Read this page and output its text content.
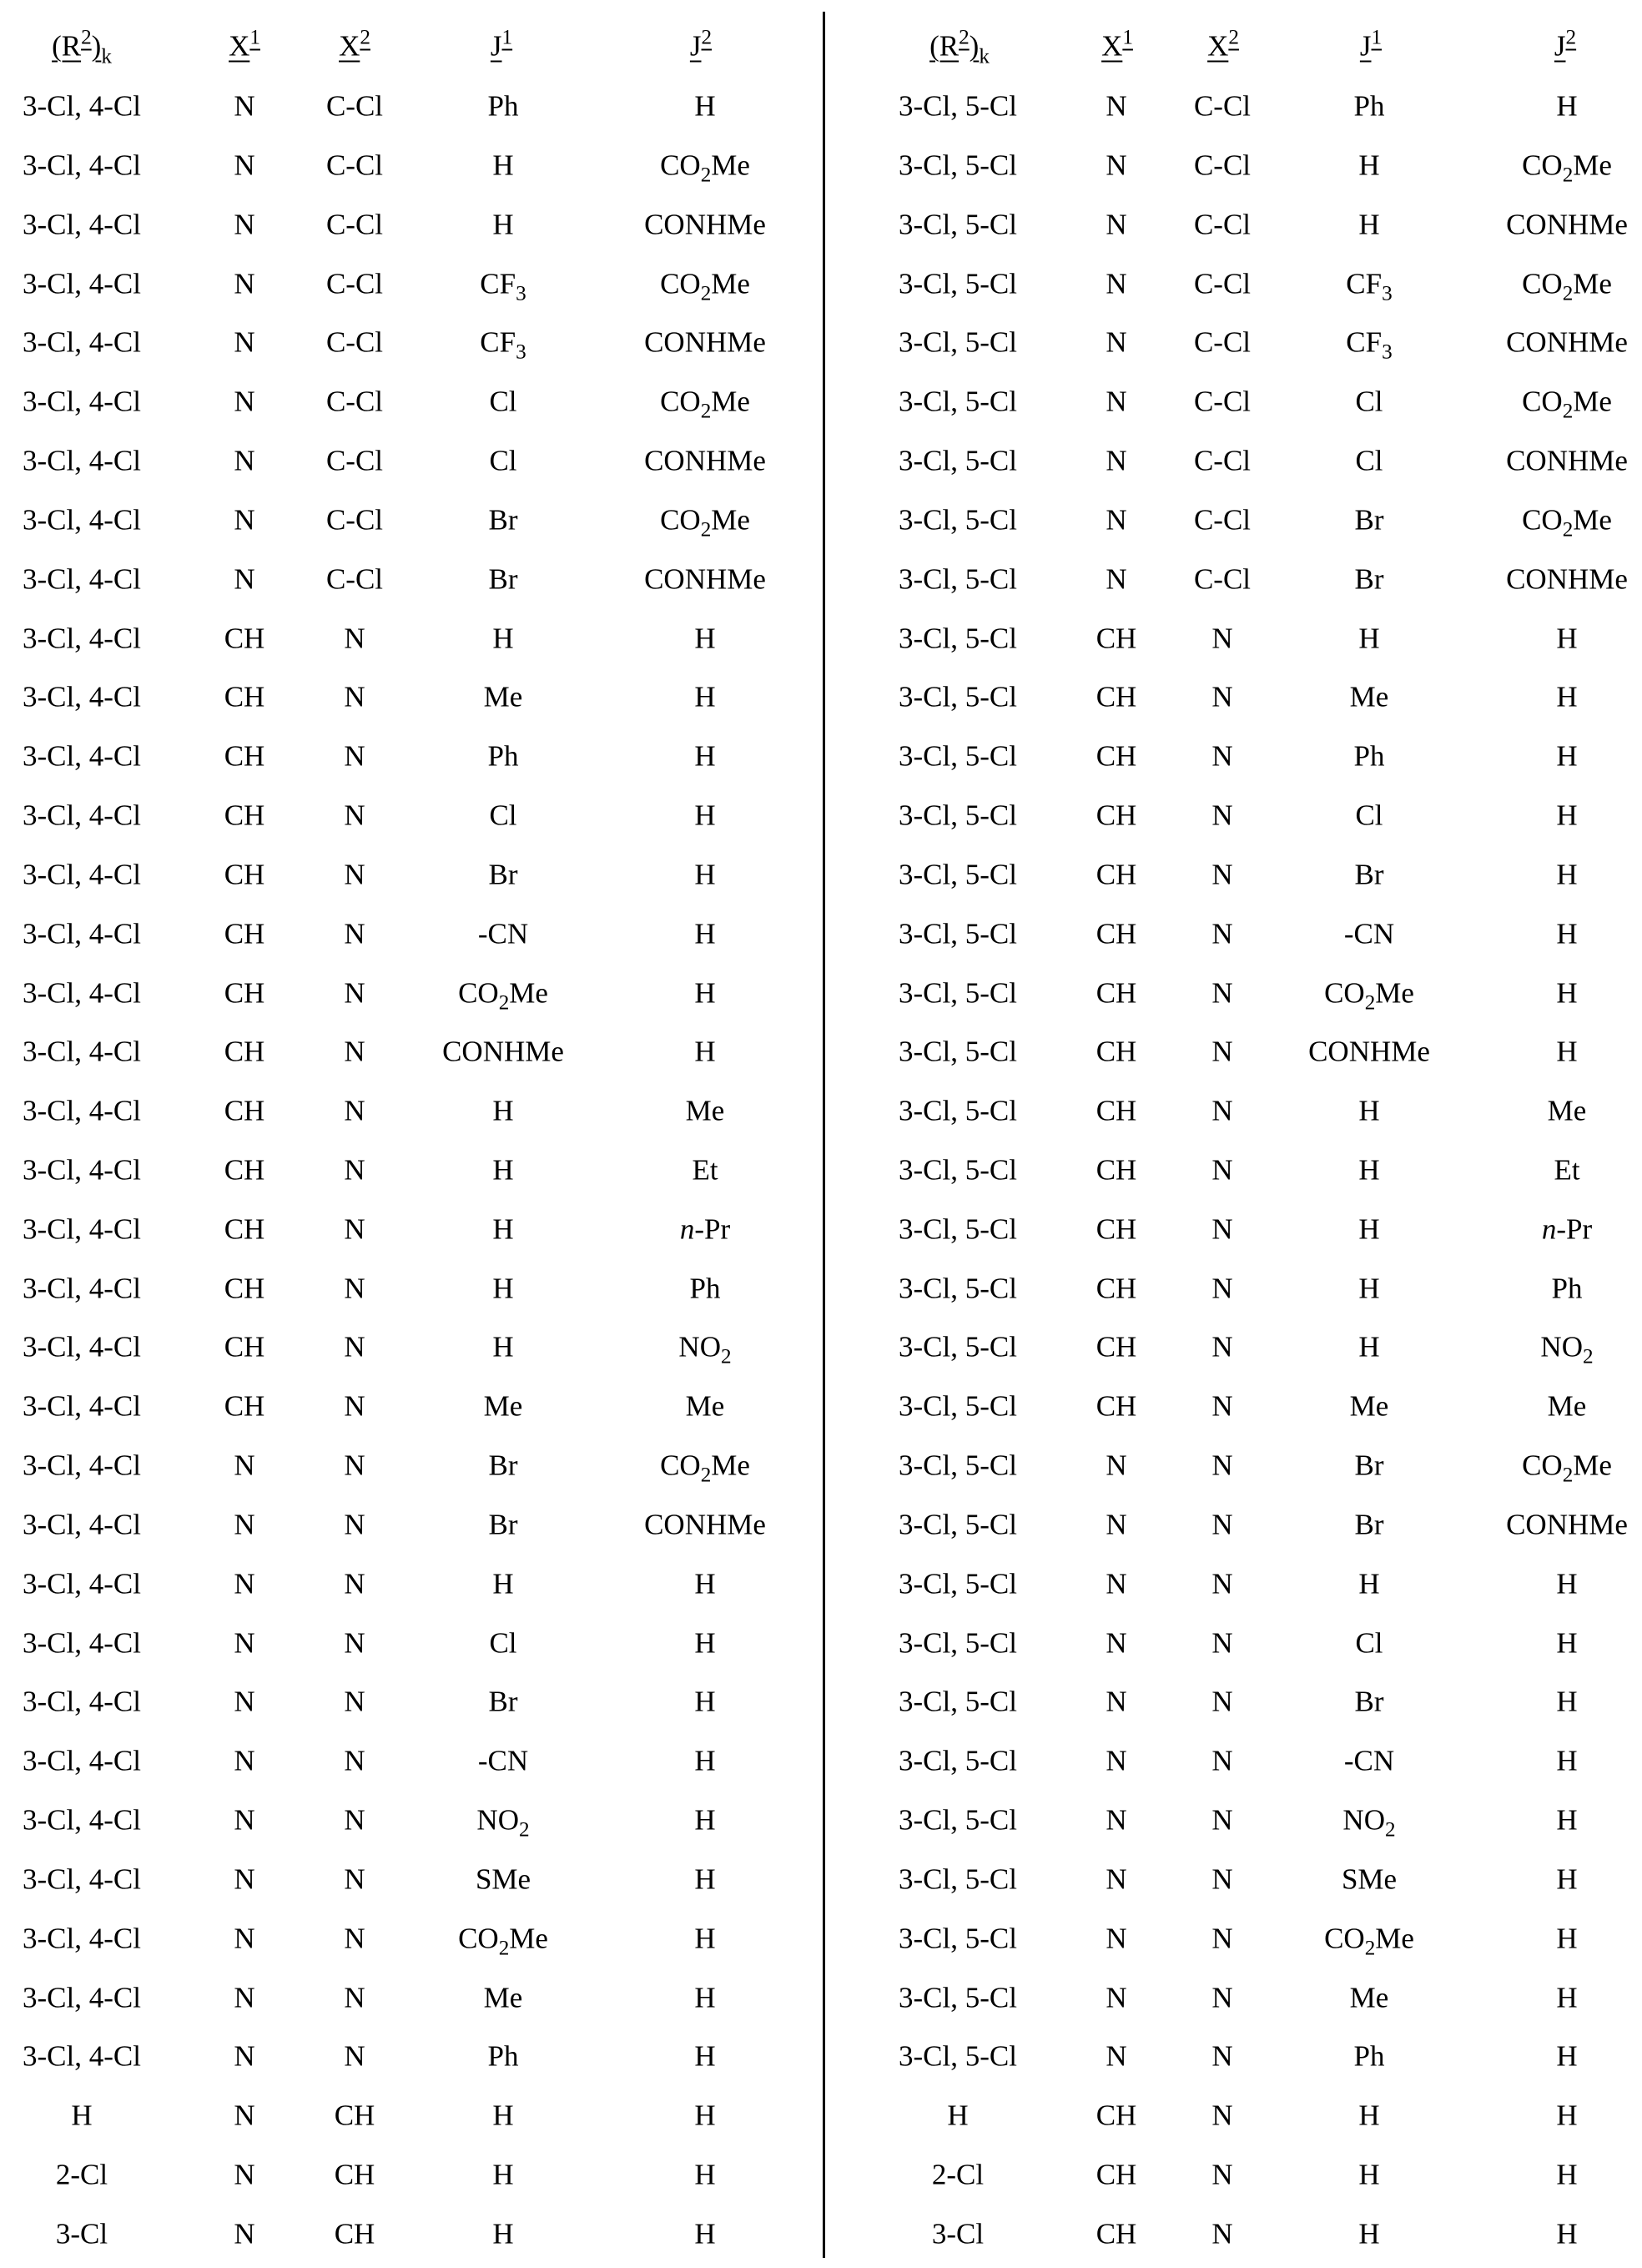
$(R^2)_k$	$X^1$	$X^2$	$J^1$	$J^2$
3-Cl, 4-Cl	N C-Cl	Ph	H
3-Cl, 4-Cl	N C-Cl	H	$CO_2Me$
3-Cl, 4-Cl	N C-Cl	H	CONHMe
3-Cl, 4-Cl	N C-Cl	$CF_3$	$CO_2Me$
3-Cl, 4-Cl	N C-Cl	$CF_3$	CONHMe
3-Cl, 4-Cl	N C-Cl	Cl	$CO_2Me$
3-Cl, 4-Cl	N C-Cl	Cl	CONHMe
3-Cl, 4-Cl	N C-Cl	Br	$CO_2Me$
3-Cl, 4-Cl	N C-Cl	Br	CONHMe
3-Cl, 4-Cl	CH	N	H	H
3-Cl, 4-Cl	CH	N	Me	H
3-Cl, 4-Cl	CH	N	Ph	H
3-Cl, 4-Cl	CH	N	Cl	H
3-Cl, 4-Cl	CH	N	Br	H
3-Cl, 4-Cl	CH	N	-CN	H
3-Cl, 4-Cl	CH	N	$CO_2Me$	H
3-Cl, 4-Cl	CH	N	CONHMe	H
3-Cl, 4-Cl	CH	N	H	Me
3-Cl, 4-Cl	CH	N	H	Et
3-Cl, 4-Cl	CH	N	H	n-Pr
3-Cl, 4-Cl	CH	N	H	Ph
3-Cl, 4-Cl	CH	N	H	$NO_2$
3-Cl, 4-Cl	CH	N	Me	Me
3-Cl, 4-Cl	N	N	Br	$CO_2Me$
3-Cl, 4-Cl	N	N	Br	CONHMe
3-Cl, 4-Cl	N	N	H	H
3-Cl, 4-Cl	N	N	Cl	H
3-Cl, 4-Cl	N	N	Br	H
3-Cl, 4-Cl	N	N	-CN	H
3-Cl, 4-Cl	N	N	$NO_2$	H
3-Cl, 4-Cl	N	N	SMe	H
3-Cl, 4-Cl	N	N	$CO_2Me$	H
3-Cl, 4-Cl	N	N	Me	H
3-Cl, 4-Cl	N	N	Ph	H
H	N	CH	H	H
2-Cl	N	CH	H	H
3-Cl	N	CH	H	H
$(R^2)_k$	$X^1$	$X^2$	$J^1$	$J^2$
3-Cl, 5-Cl	N C-Cl	Ph	H
3-Cl, 5-Cl	N C-Cl	H	$CO_2Me$
3-Cl, 5-Cl	N C-Cl	H	CONHMe
3-Cl, 5-Cl	N C-Cl	$CF_3$	$CO_2Me$
3-Cl, 5-Cl	N C-Cl	$CF_3$	CONHMe
3-Cl, 5-Cl	N C-Cl	Cl	$CO_2Me$
3-Cl, 5-Cl	N C-Cl	Cl	CONHMe
3-Cl, 5-Cl	N C-Cl	Br	$CO_2Me$
3-Cl, 5-Cl	N C-Cl	Br	CONHMe
3-Cl, 5-Cl	CH	N	H	H
3-Cl, 5-Cl	CH	N	Me	H
3-Cl, 5-Cl	CH	N	Ph	H
3-Cl, 5-Cl	CH	N	Cl	H
3-Cl, 5-Cl	CH	N	Br	H
3-Cl, 5-Cl	CH	N	-CN	H
3-Cl, 5-Cl	CH	N	$CO_2Me$	H
3-Cl, 5-Cl	CH	N	CONHMe	H
3-Cl, 5-Cl	CH	N	H	Me
3-Cl, 5-Cl	CH	N	H	Et
3-Cl, 5-Cl	CH	N	H	n-Pr
3-Cl, 5-Cl	CH	N	H	Ph
3-Cl, 5-Cl	CH	N	H	$NO_2$
3-Cl, 5-Cl	CH	N	Me	Me
3-Cl, 5-Cl	N	N	Br	$CO_2Me$
3-Cl, 5-Cl	N	N	Br	CONHMe
3-Cl, 5-Cl	N	N	H	H
3-Cl, 5-Cl	N	N	Cl	H
3-Cl, 5-Cl	N	N	Br	H
3-Cl, 5-Cl	N	N	-CN	H
3-Cl, 5-Cl	N	N	$NO_2$	H
3-Cl, 5-Cl	N	N	SMe	H
3-Cl, 5-Cl	N	N	$CO_2Me$	H
3-Cl, 5-Cl	N	N	Me	H
3-Cl, 5-Cl	N	N	Ph	H
H	CH	N	H	H
2-Cl	CH	N	H	H
3-Cl	CH	N	H	H
